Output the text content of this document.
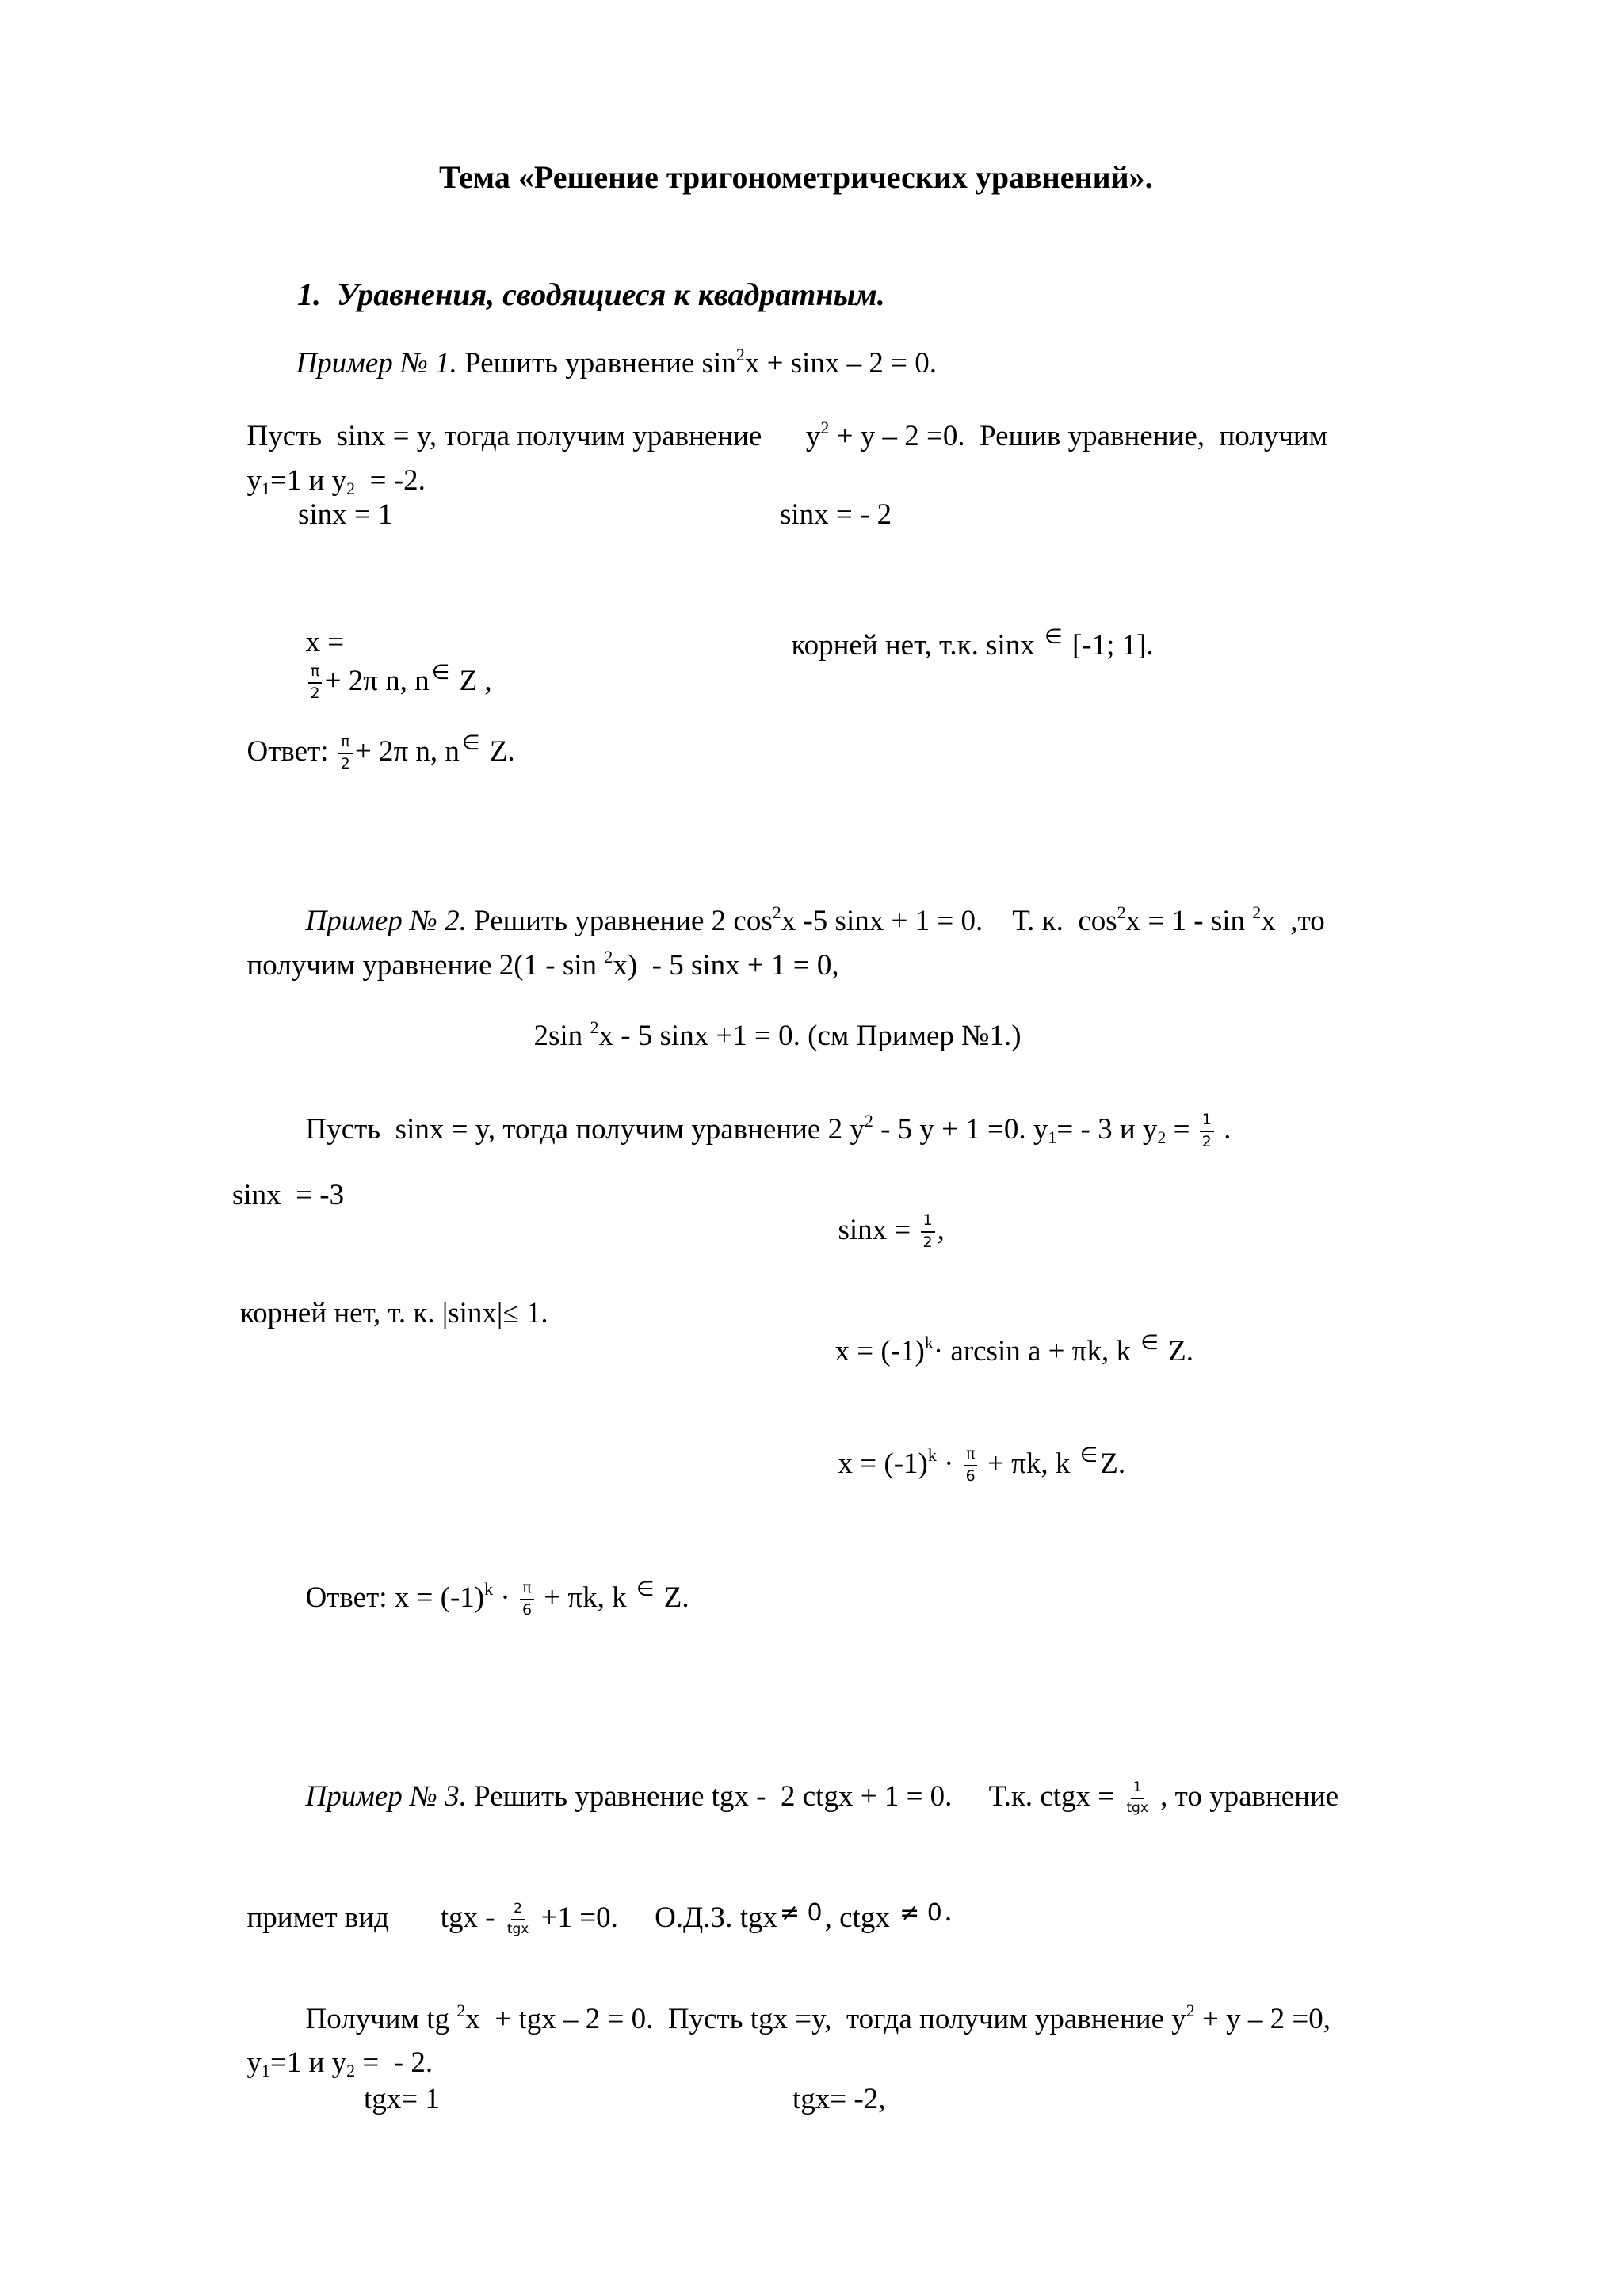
Тема «Решение тригонометрических уравнений».

1. Уравнения, сводящиеся к квадратным.

Пример № 1. Решить уравнение $\sin^2x + \sin x - 2 = 0$.

Пусть  sinx = y, тогда получим уравнение      $y^2 + y - 2 =0$.  Решив уравнение,  получим

$y_1=1$ и $y_2 = -2$.

sinx = 1	sinx = - 2

x =

$\frac{\pi}{2} + 2\pi$ n, n ∈ Z ,

корней нет, т.к. sinx ∈ [-1; 1].

Ответ: $\frac{\pi}{2} + 2\pi$ n, n ∈ Z.

Пример № 2. Решить уравнение 2 $\cos^2x$ -5 sinx + 1 = 0.    Т. к.  $\cos^2x = 1 - \sin ^2x$  ,то

получим уравнение 2(1 - sin $^2$x)  - 5 sinx + 1 = 0,

2sin $^2$x - 5 sinx +1 = 0. (см Пример №1.)

Пусть  sinx = y, тогда получим уравнение 2 $y^2 - 5$ y + 1 =0. $y_1= - 3$ и $y_2 = \frac{1}{2}$ .

sinx  = -3

$\sin x = \frac{1}{2}$ ,

корней нет, т. к. |sinx|≤ 1.

$x = (-1)^k\cdot \arcsin a + \pi k$, k ∈ Z.

$x = (-1)^k \cdot \frac{\pi}{6} + \pi k$, k ∈Z.

Ответ: $x = (-1)^k \cdot \frac{\pi}{6} + \pi k$, k ∈ Z.

Пример № 3. Решить уравнение tgx -  2 ctgx + 1 = 0.     Т.к. ctgx = $\frac{1}{\text{tgx}}$ , то уравнение

примет вид       tgx - $\frac{2}{\text{tgx}} +1 =0$.     О.Д.З. tgx ≠ 0, ctgx ≠ 0.

Получим tg $^2$x  + tgx – 2 = 0.  Пусть tgx =y,  тогда получим уравнение $y^2 + y - 2 =0$,

$y_1=1$ и $y_2$ =  - 2.

tgx= 1	tgx= -2,
